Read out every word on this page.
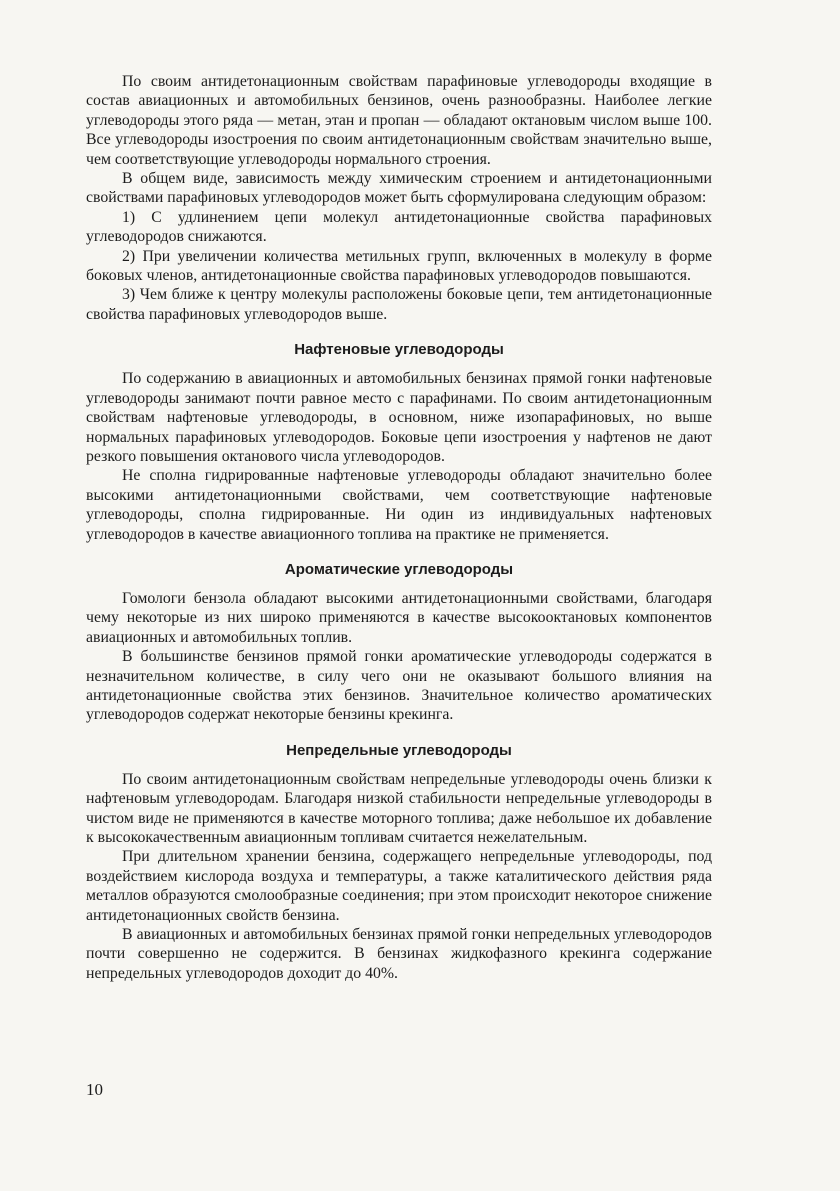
По своим антидетонационным свойствам парафиновые углеводороды входящие в состав авиационных и автомобильных бензинов, очень разнообразны. Наиболее легкие углеводороды этого ряда — метан, этан и пропан — обладают октановым числом выше 100. Все углеводороды изостроения по своим антидетонационным свойствам значительно выше, чем соответствующие углеводороды нормального строения.

В общем виде, зависимость между химическим строением и антидетонационными свойствами парафиновых углеводородов может быть сформулирована следующим образом:

1) С удлинением цепи молекул антидетонационные свойства парафиновых углеводородов снижаются.

2) При увеличении количества метильных групп, включенных в молекулу в форме боковых членов, антидетонационные свойства парафиновых углеводородов повышаются.

3) Чем ближе к центру молекулы расположены боковые цепи, тем антидетонационные свойства парафиновых углеводородов выше.

Нафтеновые углеводороды

По содержанию в авиационных и автомобильных бензинах прямой гонки нафтеновые углеводороды занимают почти равное место с парафинами. По своим антидетонационным свойствам нафтеновые углеводороды, в основном, ниже изопарафиновых, но выше нормальных парафиновых углеводородов. Боковые цепи изостроения у нафтенов не дают резкого повышения октанового числа углеводородов.

Не сполна гидрированные нафтеновые углеводороды обладают значительно более высокими антидетонационными свойствами, чем соответствующие нафтеновые углеводороды, сполна гидрированные. Ни один из индивидуальных нафтеновых углеводородов в качестве авиационного топлива на практике не применяется.

Ароматические углеводороды

Гомологи бензола обладают высокими антидетонационными свойствами, благодаря чему некоторые из них широко применяются в качестве высокооктановых компонентов авиационных и автомобильных топлив.

В большинстве бензинов прямой гонки ароматические углеводороды содержатся в незначительном количестве, в силу чего они не оказывают большого влияния на антидетонационные свойства этих бензинов. Значительное количество ароматических углеводородов содержат некоторые бензины крекинга.

Непредельные углеводороды

По своим антидетонационным свойствам непредельные углеводороды очень близки к нафтеновым углеводородам. Благодаря низкой стабильности непредельные углеводороды в чистом виде не применяются в качестве моторного топлива; даже небольшое их добавление к высококачественным авиационным топливам считается нежелательным.

При длительном хранении бензина, содержащего непредельные углеводороды, под воздействием кислорода воздуха и температуры, а также каталитического действия ряда металлов образуются смолообразные соединения; при этом происходит некоторое снижение антидетонационных свойств бензина.

В авиационных и автомобильных бензинах прямой гонки непредельных углеводородов почти совершенно не содержится. В бензинах жидкофазного крекинга содержание непредельных углеводородов доходит до 40%.

10
